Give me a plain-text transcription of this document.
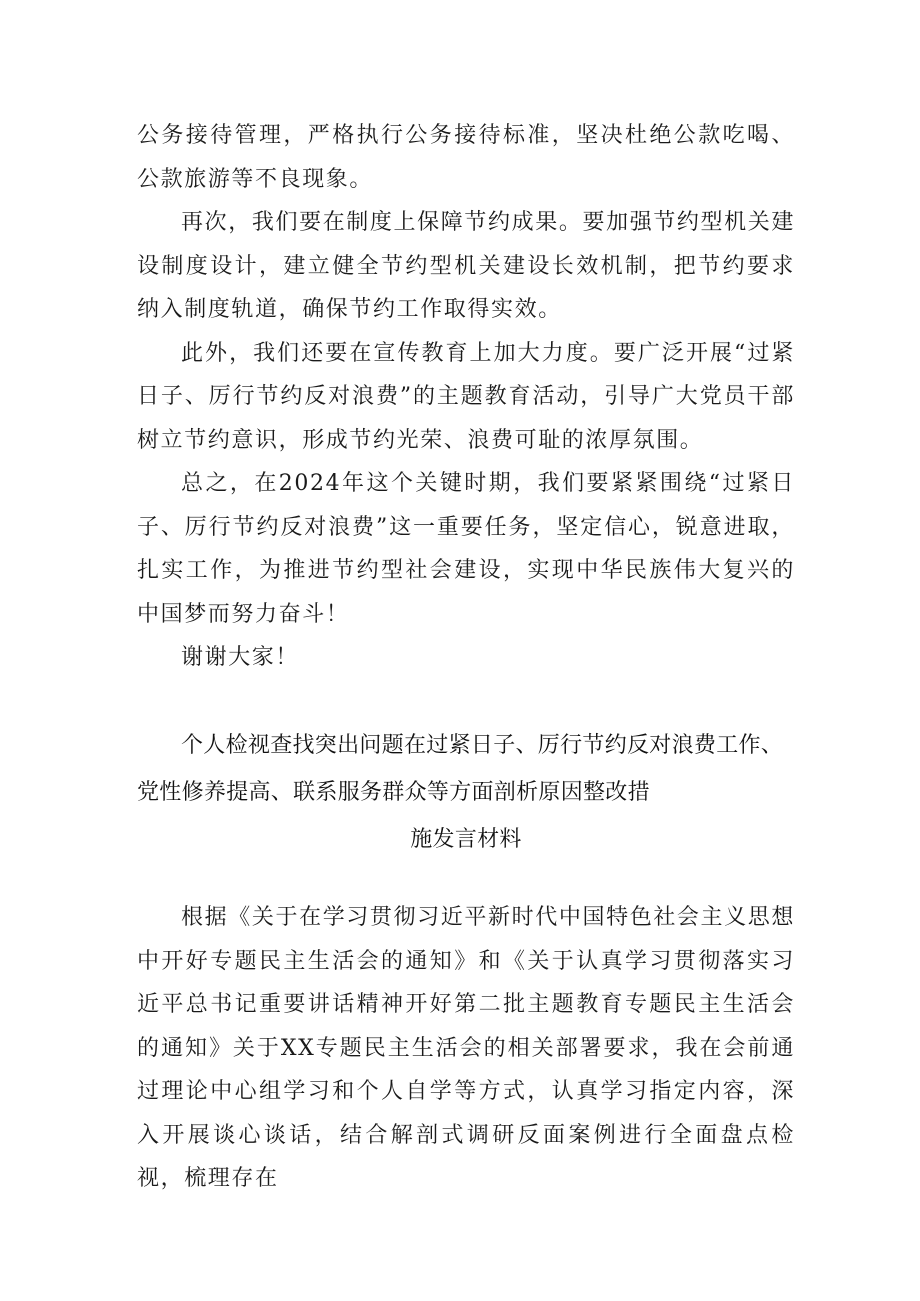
公务接待管理，严格执行公务接待标准，坚决杜绝公款吃喝、公款旅游等不良现象。

再次，我们要在制度上保障节约成果。要加强节约型机关建设制度设计，建立健全节约型机关建设长效机制，把节约要求纳入制度轨道，确保节约工作取得实效。

此外，我们还要在宣传教育上加大力度。要广泛开展“过紧日子、厉行节约反对浪费”的主题教育活动，引导广大党员干部树立节约意识，形成节约光荣、浪费可耻的浓厚氛围。

总之，在2024年这个关键时期，我们要紧紧围绕“过紧日子、厉行节约反对浪费”这一重要任务，坚定信心，锐意进取，扎实工作，为推进节约型社会建设，实现中华民族伟大复兴的中国梦而努力奋斗！

谢谢大家！

个人检视查找突出问题在过紧日子、厉行节约反对浪费工作、

党性修养提高、联系服务群众等方面剖析原因整改措

施发言材料

根据《关于在学习贯彻习近平新时代中国特色社会主义思想中开好专题民主生活会的通知》和《关于认真学习贯彻落实习近平总书记重要讲话精神开好第二批主题教育专题民主生活会的通知》关于XX专题民主生活会的相关部署要求，我在会前通过理论中心组学习和个人自学等方式，认真学习指定内容，深入开展谈心谈话，结合解剖式调研反面案例进行全面盘点检视，梳理存在
